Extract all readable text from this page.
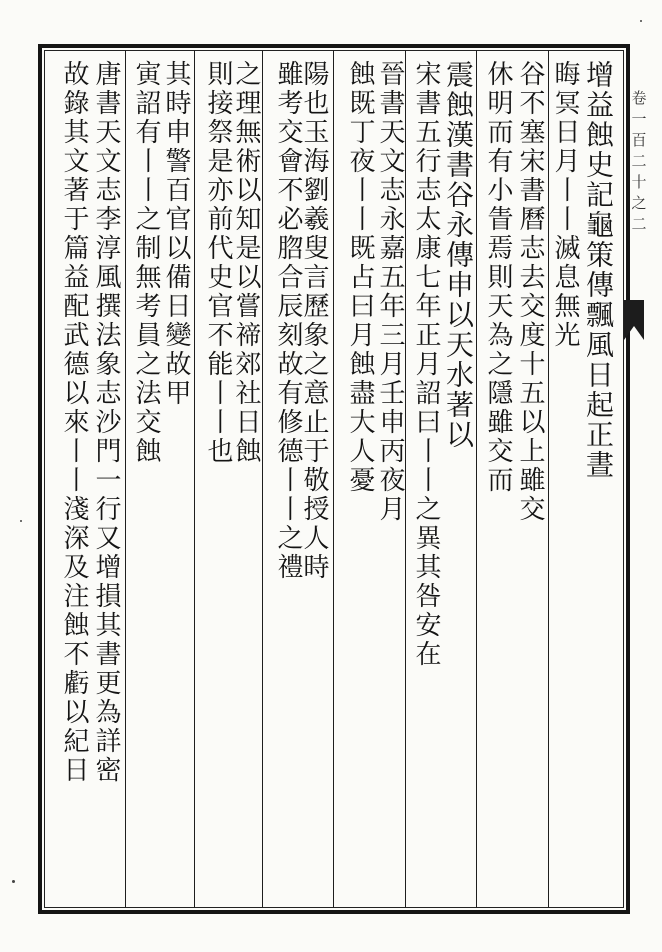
增益蝕史記龜策傳飄風日起正晝
晦冥日月丨丨滅息無光
谷不塞宋書曆志去交度十五以上雖交
休明而有小眚焉則天為之隱雖交而
震蝕漢書谷永傳申以天水著以
宋書五行志太康七年正月詔曰丨丨之異其咎安在
晉書天文志永嘉五年三月壬申丙夜月
蝕既丁夜丨丨既占曰月蝕盡大人憂
陽也玉海劉羲叟言歷象之意止于敬授人時
雖考交會不必脗合辰刻故有修德丨丨之禮
之理無術以知是以嘗禘郊社日蝕
則接祭是亦前代史官不能丨丨也
其時申警百官以備日變故甲
寅詔有丨丨之制無考員之法交蝕
唐書天文志李淳風撰法象志沙門一行又增損其書更為詳密
故錄其文著于篇益配武德以來丨丨淺深及注蝕不虧以紀日	卷一百二十之二
